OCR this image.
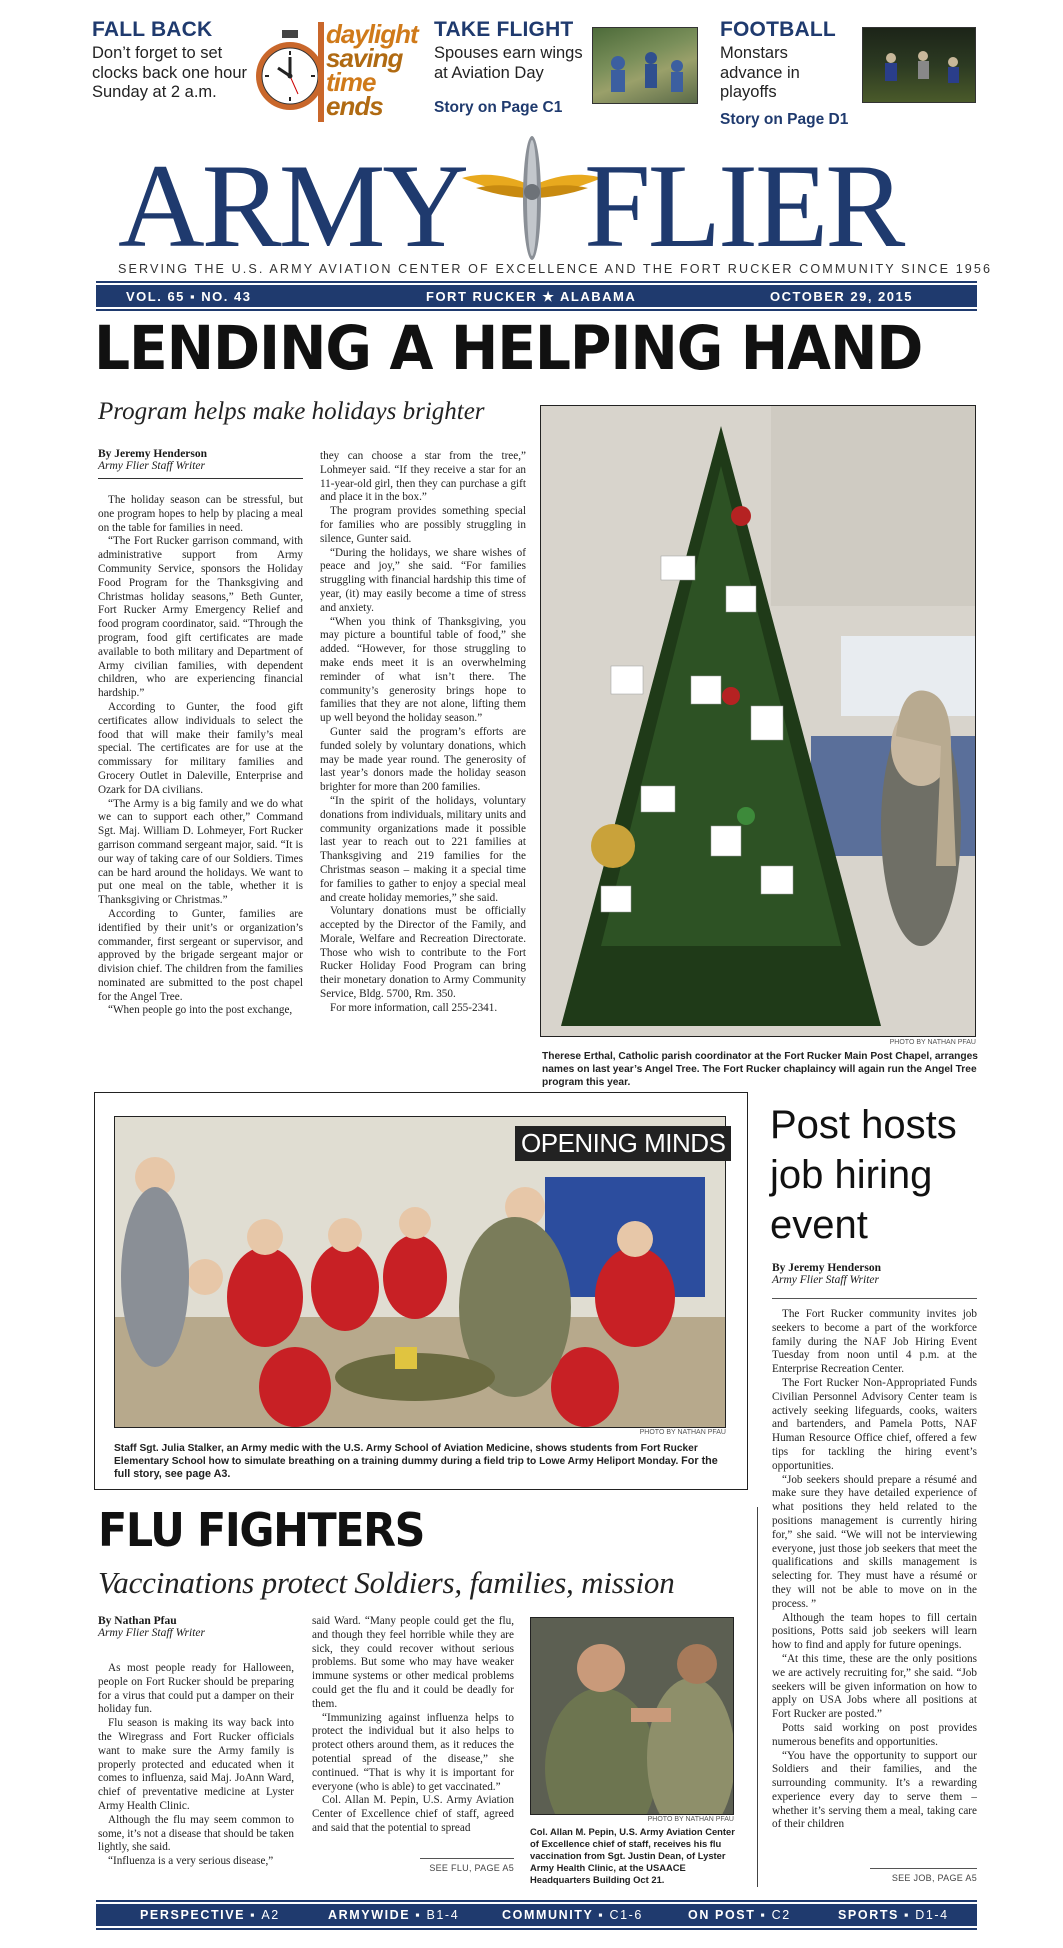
FALL BACK
Don’t forget to set clocks back one hour Sunday at 2 a.m.
daylight
saving
time
ends
TAKE FLIGHT
Spouses earn wings at Aviation Day
Story on Page C1
FOOTBALL
Monstars advance in playoffs
Story on Page D1
ARMY FLIER
SERVING THE U.S. ARMY AVIATION CENTER OF EXCELLENCE AND THE FORT RUCKER COMMUNITY SINCE 1956
VOL. 65 ▪ NO. 43	FORT RUCKER ★ ALABAMA	OCTOBER 29, 2015
LENDING A HELPING HAND
Program helps make holidays brighter
By Jeremy Henderson
Army Flier Staff Writer

The holiday season can be stressful, but one program hopes to help by placing a meal on the table for families in need.

“The Fort Rucker garrison command, with administrative support from Army Community Service, sponsors the Holiday Food Program for the Thanksgiving and Christmas holiday seasons,” Beth Gunter, Fort Rucker Army Emergency Relief and food program coordinator, said. “Through the program, food gift certificates are made available to both military and Department of Army civilian families, with dependent children, who are experiencing financial hardship.”

According to Gunter, the food gift certificates allow individuals to select the food that will make their family’s meal special. The certificates are for use at the commissary for military families and Grocery Outlet in Daleville, Enterprise and Ozark for DA civilians.

“The Army is a big family and we do what we can to support each other,” Command Sgt. Maj. William D. Lohmeyer, Fort Rucker garrison command sergeant major, said. “It is our way of taking care of our Soldiers. Times can be hard around the holidays. We want to put one meal on the table, whether it is Thanksgiving or Christmas.”

According to Gunter, families are identified by their unit’s or organization’s commander, first sergeant or supervisor, and approved by the brigade sergeant major or division chief. The children from the families nominated are submitted to the post chapel for the Angel Tree.

“When people go into the post exchange,

they can choose a star from the tree,” Lohmeyer said. “If they receive a star for an 11-year-old girl, then they can purchase a gift and place it in the box.”

The program provides something special for families who are possibly struggling in silence, Gunter said.

“During the holidays, we share wishes of peace and joy,” she said. “For families struggling with financial hardship this time of year, (it) may easily become a time of stress and anxiety.

“When you think of Thanksgiving, you may picture a bountiful table of food,” she added. “However, for those struggling to make ends meet it is an overwhelming reminder of what isn’t there. The community’s generosity brings hope to families that they are not alone, lifting them up well beyond the holiday season.”

Gunter said the program’s efforts are funded solely by voluntary donations, which may be made year round. The generosity of last year’s donors made the holiday season brighter for more than 200 families.

“In the spirit of the holidays, voluntary donations from individuals, military units and community organizations made it possible last year to reach out to 221 families at Thanksgiving and 219 families for the Christmas season – making it a special time for families to gather to enjoy a special meal and create holiday memories,” she said.

Voluntary donations must be officially accepted by the Director of the Family, and Morale, Welfare and Recreation Directorate. Those who wish to contribute to the Fort Rucker Holiday Food Program can bring their monetary donation to Army Community Service, Bldg. 5700, Rm. 350.

For more information, call 255-2341.

PHOTO BY NATHAN PFAU
Therese Erthal, Catholic parish coordinator at the Fort Rucker Main Post Chapel, arranges names on last year’s Angel Tree. The Fort Rucker chaplaincy will again run the Angel Tree program this year.
OPENING MINDS
PHOTO BY NATHAN PFAU
Staff Sgt. Julia Stalker, an Army medic with the U.S. Army School of Aviation Medicine, shows students from Fort Rucker Elementary School how to simulate breathing on a training dummy during a field trip to Lowe Army Heliport Monday. For the full story, see page A3.
FLU FIGHTERS
Vaccinations protect Soldiers, families, mission
By Nathan Pfau
Army Flier Staff Writer

As most people ready for Halloween, people on Fort Rucker should be preparing for a virus that could put a damper on their holiday fun.

Flu season is making its way back into the Wiregrass and Fort Rucker officials want to make sure the Army family is properly protected and educated when it comes to influenza, said Maj. JoAnn Ward, chief of preventative medicine at Lyster Army Health Clinic.

Although the flu may seem common to some, it’s not a disease that should be taken lightly, she said.

“Influenza is a very serious disease,”

said Ward. “Many people could get the flu, and though they feel horrible while they are sick, they could recover without serious problems. But some who may have weaker immune systems or other medical problems could get the flu and it could be deadly for them.

“Immunizing against influenza helps to protect the individual but it also helps to protect others around them, as it reduces the potential spread of the disease,” she continued. “That is why it is important for everyone (who is able) to get vaccinated.”

Col. Allan M. Pepin, U.S. Army Aviation Center of Excellence chief of staff, agreed and said that the potential to spread

SEE FLU, PAGE A5
PHOTO BY NATHAN PFAU
Col. Allan M. Pepin, U.S. Army Aviation Center of Excellence chief of staff, receives his flu vaccination from Sgt. Justin Dean, of Lyster Army Health Clinic, at the USAACE Headquarters Building Oct 21.
Post hosts job hiring event
By Jeremy Henderson
Army Flier Staff Writer

The Fort Rucker community invites job seekers to become a part of the workforce family during the NAF Job Hiring Event Tuesday from noon until 4 p.m. at the Enterprise Recreation Center.

The Fort Rucker Non-Appropriated Funds Civilian Personnel Advisory Center team is actively seeking lifeguards, cooks, waiters and bartenders, and Pamela Potts, NAF Human Resource Office chief, offered a few tips for tackling the hiring event’s opportunities.

“Job seekers should prepare a résumé and make sure they have detailed experience of what positions they held related to the positions management is currently hiring for,” she said. “We will not be interviewing everyone, just those job seekers that meet the qualifications and skills management is selecting for. They must have a résumé or they will not be able to move on in the process. ”

Although the team hopes to fill certain positions, Potts said job seekers will learn how to find and apply for future openings.

“At this time, these are the only positions we are actively recruiting for,” she said. “Job seekers will be given information on how to apply on USA Jobs where all positions at Fort Rucker are posted.”

Potts said working on post provides numerous benefits and opportunities.

“You have the opportunity to support our Soldiers and their families, and the surrounding community. It’s a rewarding experience every day to serve them – whether it’s serving them a meal, taking care of their children

SEE JOB, PAGE A5
PERSPECTIVE ▪ A2	ARMYWIDE ▪ B1-4	COMMUNITY ▪ C1-6	ON POST ▪ C2	SPORTS ▪ D1-4
